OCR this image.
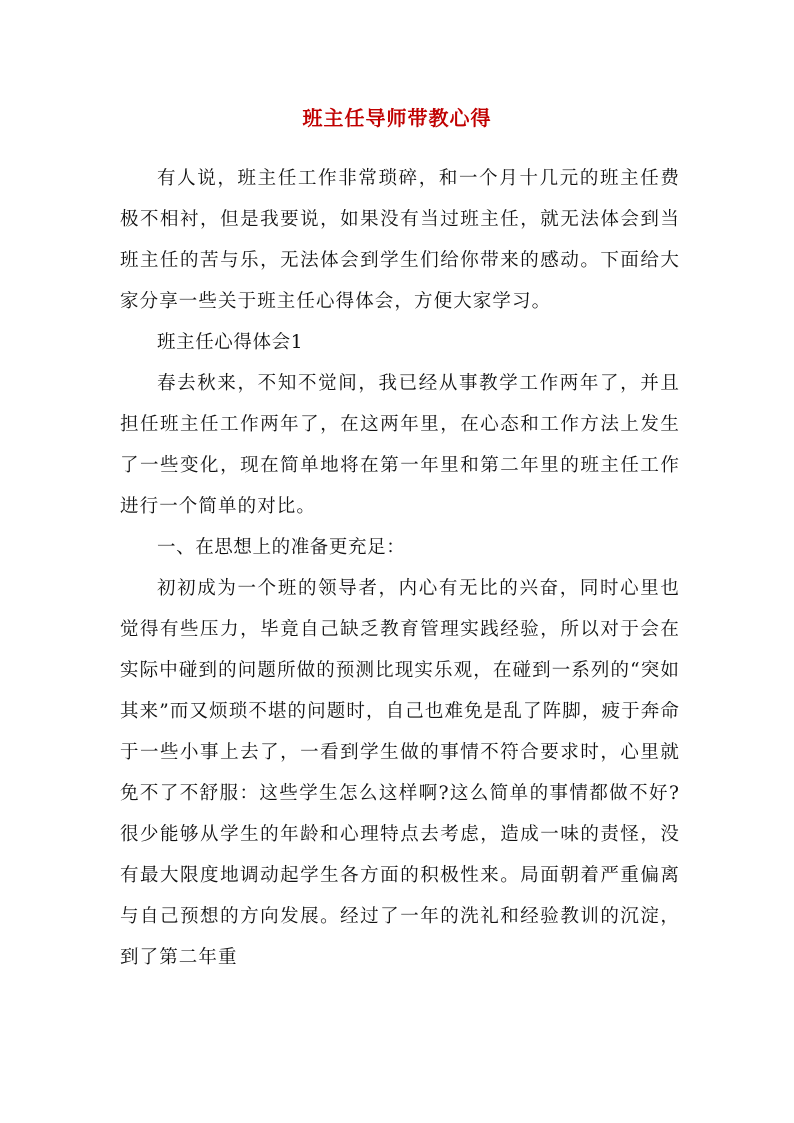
班主任导师带教心得

有人说，班主任工作非常琐碎，和一个月十几元的班主任费极不相衬，但是我要说，如果没有当过班主任，就无法体会到当班主任的苦与乐，无法体会到学生们给你带来的感动。下面给大家分享一些关于班主任心得体会，方便大家学习。

班主任心得体会1

春去秋来，不知不觉间，我已经从事教学工作两年了，并且担任班主任工作两年了，在这两年里，在心态和工作方法上发生了一些变化，现在简单地将在第一年里和第二年里的班主任工作进行一个简单的对比。

一、在思想上的准备更充足：

初初成为一个班的领导者，内心有无比的兴奋，同时心里也觉得有些压力，毕竟自己缺乏教育管理实践经验，所以对于会在实际中碰到的问题所做的预测比现实乐观，在碰到一系列的“突如其来”而又烦琐不堪的问题时，自己也难免是乱了阵脚，疲于奔命于一些小事上去了，一看到学生做的事情不符合要求时，心里就免不了不舒服：这些学生怎么这样啊?这么简单的事情都做不好?很少能够从学生的年龄和心理特点去考虑，造成一味的责怪，没有最大限度地调动起学生各方面的积极性来。局面朝着严重偏离与自己预想的方向发展。经过了一年的洗礼和经验教训的沉淀，到了第二年重
